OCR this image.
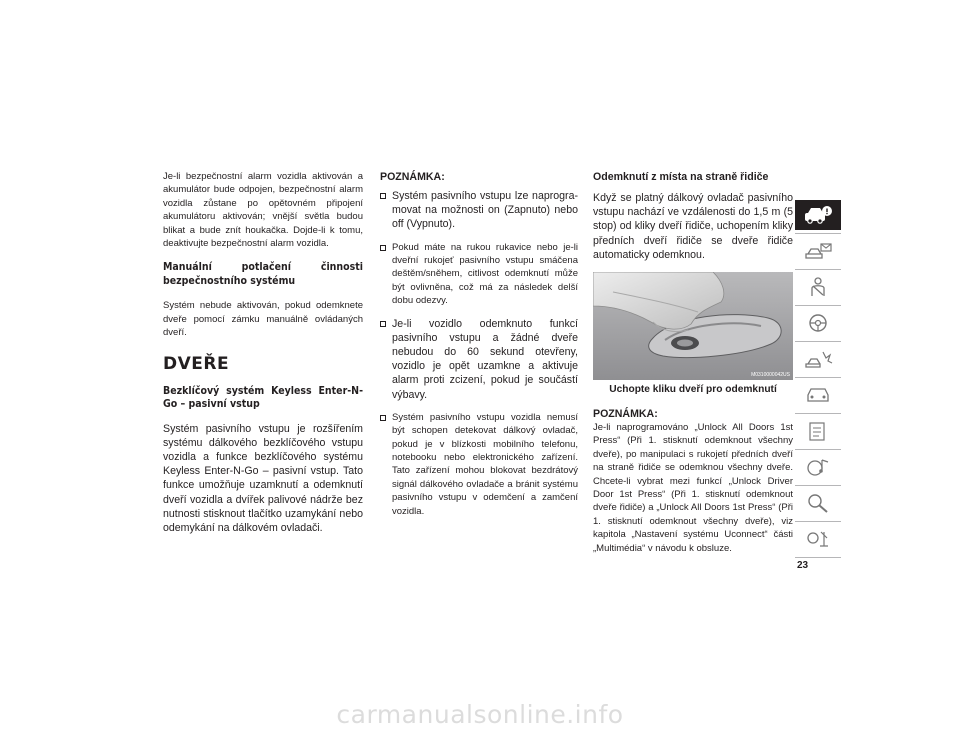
Je-li bezpečnostní alarm vozidla aktivován a akumulátor bude odpojen, bezpečnostní alarm vozidla zůstane po opětovném připojení akumulátoru aktivován; vnější světla budou blikat a bude znít houkačka. Dojde-li k tomu, deaktivujte bezpečnostní alarm vozidla.

Manuální potlačení činnosti bezpečnostního systému

Systém nebude aktivován, pokud odemknete dveře pomocí zámku manuálně ovládaných dveří.

DVEŘE

Bezklíčový systém Keyless Enter-N-Go – pasivní vstup

Systém pasivního vstupu je rozšířením systému dálkového bezklíčového vstupu vozidla a funkce bezklíčového systému Keyless Enter-N-Go – pasivní vstup. Tato funkce umožňuje uzamknutí a odemknutí dveří vozidla a dvířek palivové nádrže bez nutnosti stisknout tlačítko uzamykání nebo odemykání na dálkovém ovladači.

POZNÁMKA:

Systém pasivního vstupu lze naprogra-movat na možnosti on (Zapnuto) nebo off (Vypnuto).
Pokud máte na rukou rukavice nebo je-li dveřní rukojeť pasivního vstupu smáčena deštěm/sněhem, citlivost odemknutí může být ovlivněna, což má za následek delší dobu odezvy.
Je-li vozidlo odemknuto funkcí pasivního vstupu a žádné dveře nebudou do 60 sekund otevřeny, vozidlo je opět uzamkne a aktivuje alarm proti zcizení, pokud je součástí výbavy.
Systém pasivního vstupu vozidla nemusí být schopen detekovat dálkový ovladač, pokud je v blízkosti mobilního telefonu, notebooku nebo elektronického zařízení. Tato zařízení mohou blokovat bezdrátový signál dálkového ovladače a bránit systému pasivního vstupu v odemčení a zamčení vozidla.

Odemknutí z místa na straně řidiče

Když se platný dálkový ovladač pasivního vstupu nachází ve vzdálenosti do 1,5 m (5 stop) od kliky dveří řidiče, uchopením kliky předních dveří řidiče se dveře řidiče automaticky odemknou.

M0310000042US

Uchopte kliku dveří pro odemknutí

POZNÁMKA:

Je-li naprogramováno „Unlock All Doors 1st Press“ (Při 1. stisknutí odemknout všechny dveře), po manipulaci s rukojetí předních dveří na straně řidiče se odemknou všechny dveře. Chcete-li vybrat mezi funkcí „Unlock Driver Door 1st Press“ (Při 1. stisknutí odemknout dveře řidiče) a „Unlock All Doors 1st Press“ (Při 1. stisknutí odemknout všechny dveře), viz kapitola „Nastavení systému Uconnect“ části „Multimédia“ v návodu k obsluze.

23
carmanualsonline.info
